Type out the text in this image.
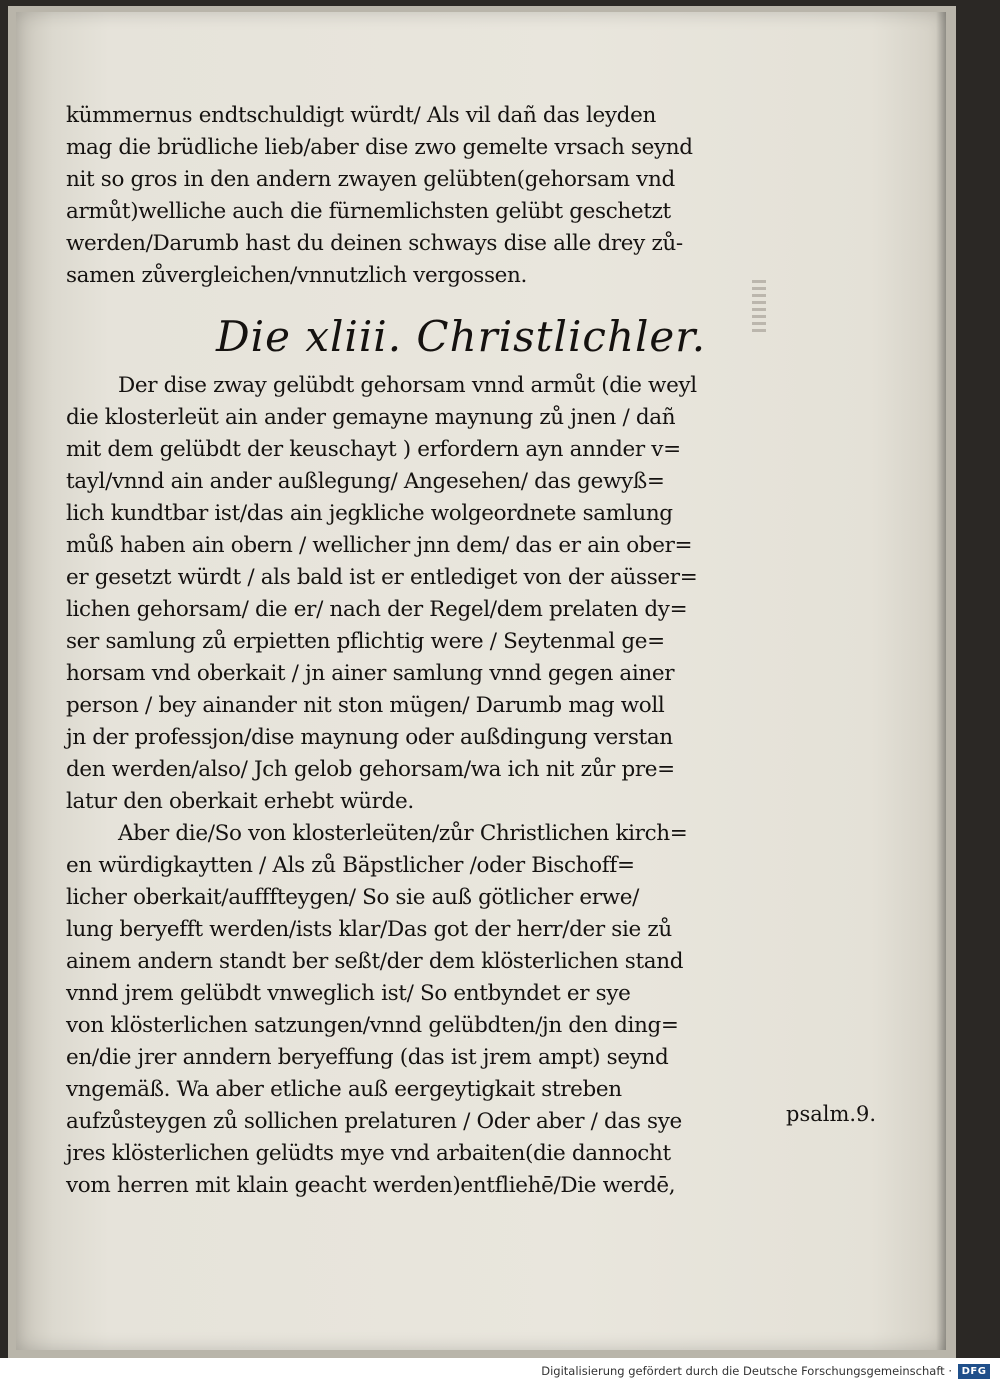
kümmernus endtschuldigt würdt/ Als vil dañ das leyden
mag die brüdliche lieb/aber dise zwo gemelte vrsach seynd
nit so gros in den andern zwayen gelübten(gehorsam vnd
armůt)welliche auch die fürnemlichsten gelübt geschetzt
werden/Darumb hast du deinen schways dise alle drey zů-
samen zůvergleichen/vnnutzlich vergossen.
Die xliii. Christlichler.
Der dise zway gelübdt gehorsam vnnd armůt (die weyl
die klosterleüt ain ander gemayne maynung zů jnen / dañ
mit dem gelübdt der keuschayt ) erfordern ayn annder v=
tayl/vnnd ain ander außlegung/ Angesehen/ das gewyß=
lich kundtbar ist/das ain jegkliche wolgeordnete samlung
můß haben ain obern / wellicher jnn dem/ das er ain ober=
er gesetzt würdt / als bald ist er entlediget von der aüsser=
lichen gehorsam/ die er/ nach der Regel/dem prelaten dy=
ser samlung zů erpietten pflichtig were / Seytenmal ge=
horsam vnd oberkait / jn ainer samlung vnnd gegen ainer
person / bey ainander nit ston mügen/ Darumb mag woll
jn der professjon/dise maynung oder außdingung verstan
den werden/also/ Jch gelob gehorsam/wa ich nit zůr pre=
latur den oberkait erhebt würde.
Aber die/So von klosterleüten/zůr Christlichen kirch=
en würdigkaytten / Als zů Bäpstlicher /oder Bischoff=
licher oberkait/aufffteygen/ So sie auß götlicher erwe/
lung beryefft werden/ists klar/Das got der herr/der sie zů
ainem andern standt ber seßt/der dem klösterlichen stand
vnnd jrem gelübdt vnweglich ist/ So entbyndet er sye
von klösterlichen satzungen/vnnd gelübdten/jn den ding=
en/die jrer anndern beryeffung (das ist jrem ampt) seynd
vngemäß. Wa aber etliche auß eergeytigkait streben
aufzůsteygen zů sollichen prelaturen / Oder aber / das sye
jres klösterlichen gelüdts mye vnd arbaiten(die dannocht
vom herren mit klain geacht werden)entfliehē/Die werdē,
psalm.9.
Digitalisierung gefördert durch die Deutsche Forschungsgemeinschaft · DFG
